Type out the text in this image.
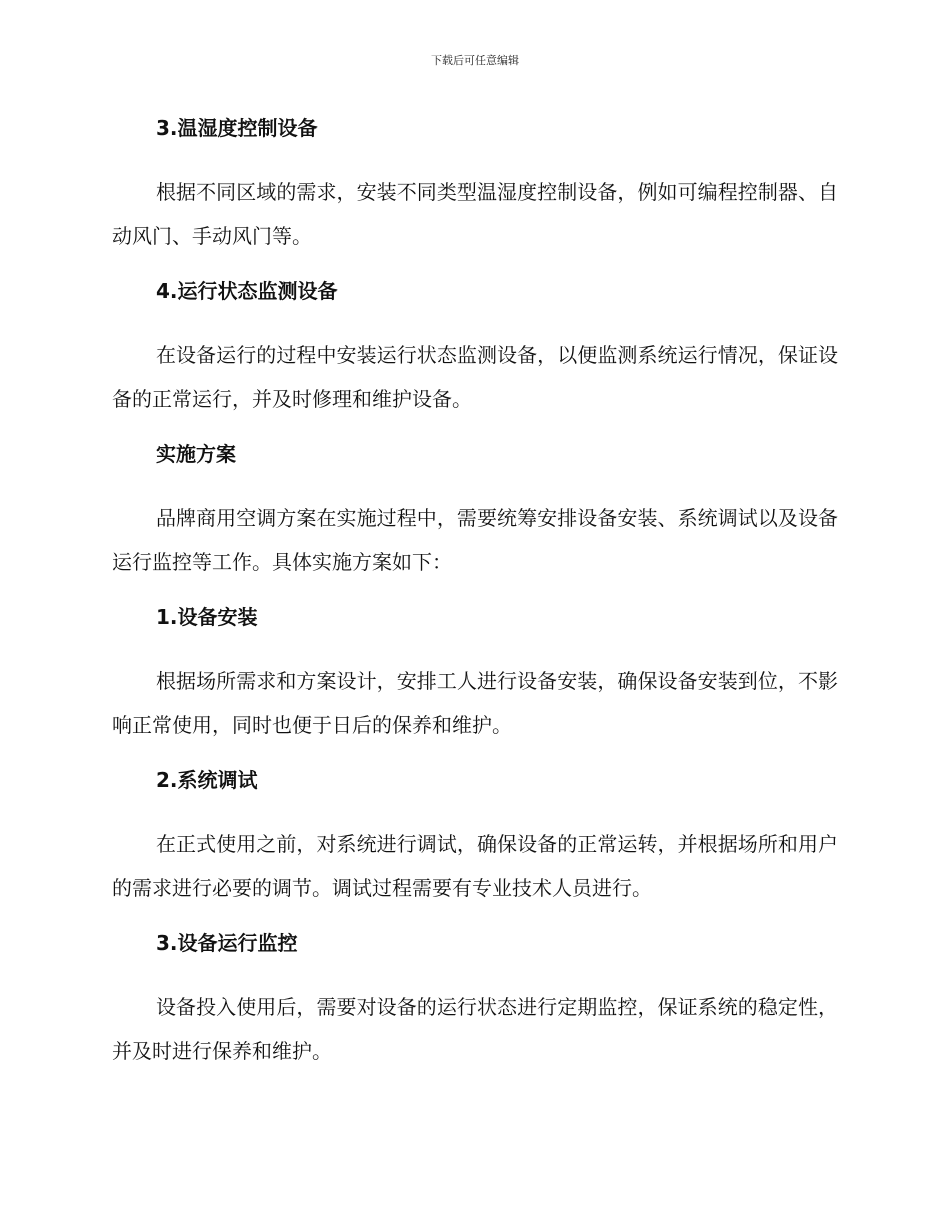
下载后可任意编辑
3.温湿度控制设备
根据不同区域的需求，安装不同类型温湿度控制设备，例如可编程控制器、自动风门、手动风门等。
4.运行状态监测设备
在设备运行的过程中安装运行状态监测设备，以便监测系统运行情况，保证设备的正常运行，并及时修理和维护设备。
实施方案
品牌商用空调方案在实施过程中，需要统筹安排设备安装、系统调试以及设备运行监控等工作。具体实施方案如下：
1.设备安装
根据场所需求和方案设计，安排工人进行设备安装，确保设备安装到位，不影响正常使用，同时也便于日后的保养和维护。
2.系统调试
在正式使用之前，对系统进行调试，确保设备的正常运转，并根据场所和用户的需求进行必要的调节。调试过程需要有专业技术人员进行。
3.设备运行监控
设备投入使用后，需要对设备的运行状态进行定期监控，保证系统的稳定性，并及时进行保养和维护。
